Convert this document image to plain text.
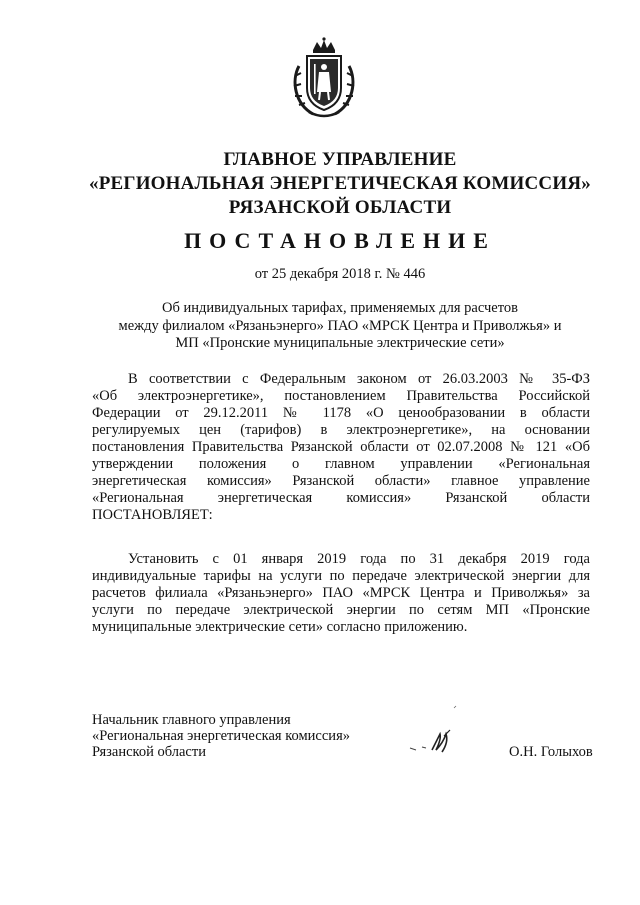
ГЛАВНОЕ УПРАВЛЕНИЕ
«РЕГИОНАЛЬНАЯ ЭНЕРГЕТИЧЕСКАЯ КОМИССИЯ»
РЯЗАНСКОЙ ОБЛАСТИ
ПОСТАНОВЛЕНИЕ
от 25 декабря 2018 г. № 446
Об индивидуальных тарифах, применяемых для расчетов
между филиалом «Рязаньэнерго» ПАО «МРСК Центра и Приволжья» и
МП «Пронские муниципальные электрические сети»
В соответствии с Федеральным законом от 26.03.2003 № 35-ФЗ
«Об электроэнергетике», постановлением Правительства Российской
Федерации от 29.12.2011 № 1178 «О ценообразовании в области
регулируемых цен (тарифов) в электроэнергетике», на основании
постановления Правительства Рязанской области от 02.07.2008 № 121 «Об
утверждении положения о главном управлении «Региональная
энергетическая комиссия» Рязанской области» главное управление
«Региональная энергетическая комиссия» Рязанской области
ПОСТАНОВЛЯЕТ:
Установить с 01 января 2019 года по 31 декабря 2019 года
индивидуальные тарифы на услуги по передаче электрической энергии для
расчетов филиала «Рязаньэнерго» ПАО «МРСК Центра и Приволжья» за
услуги по передаче электрической энергии по сетям МП «Пронские
муниципальные электрические сети» согласно приложению.
Начальник главного управления
«Региональная энергетическая комиссия»
Рязанской области	О.Н. Голыхов
